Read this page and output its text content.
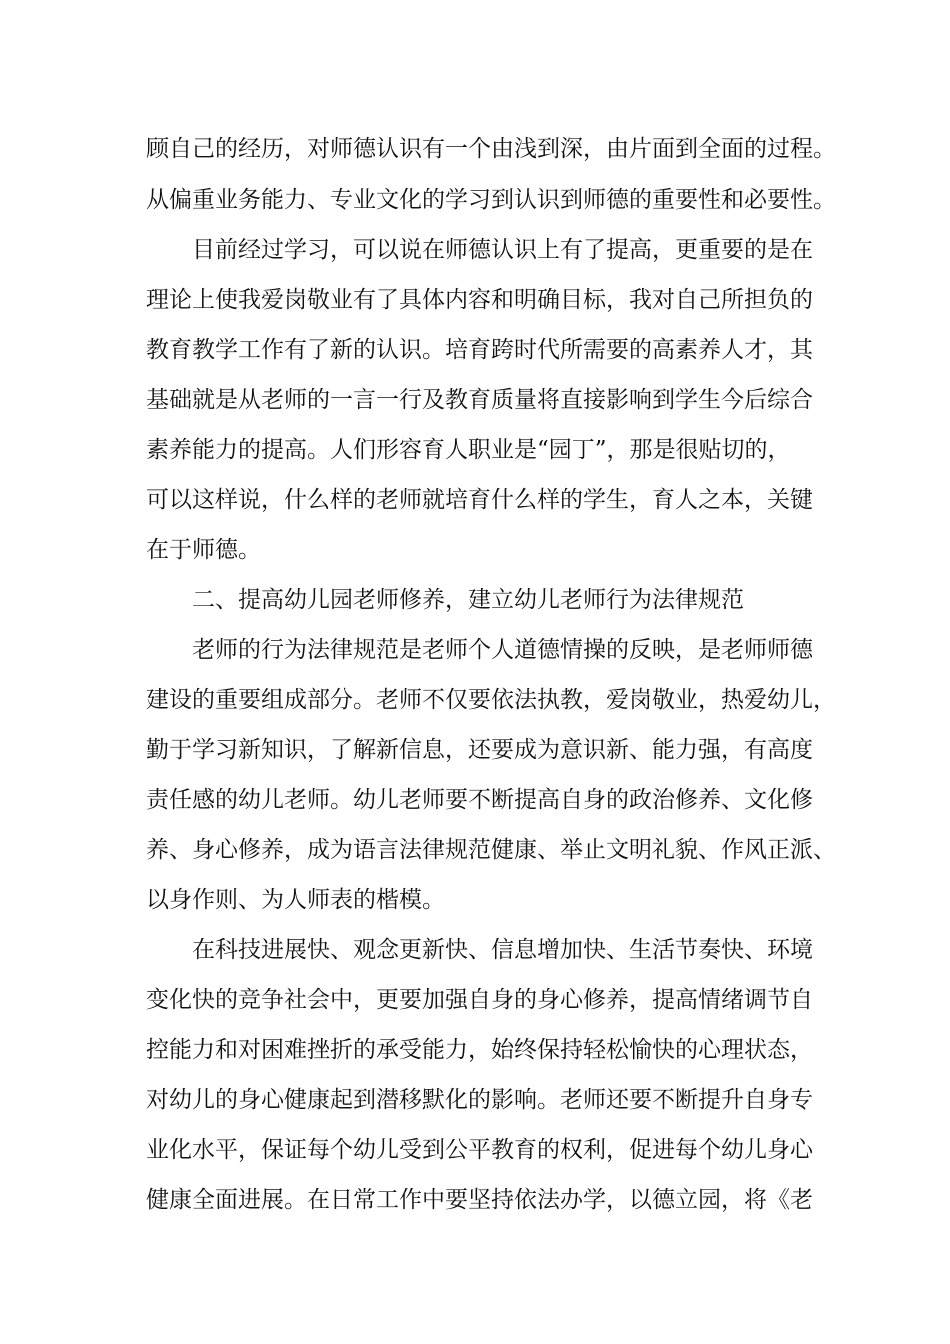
顾自己的经历，对师德认识有一个由浅到深，由片面到全面的过程。
从偏重业务能力、专业文化的学习到认识到师德的重要性和必要性。
目前经过学习，可以说在师德认识上有了提高，更重要的是在
理论上使我爱岗敬业有了具体内容和明确目标，我对自己所担负的
教育教学工作有了新的认识。培育跨时代所需要的高素养人才，其
基础就是从老师的一言一行及教育质量将直接影响到学生今后综合
素养能力的提高。人们形容育人职业是“园丁”，那是很贴切的，
可以这样说，什么样的老师就培育什么样的学生，育人之本，关键
在于师德。
二、提高幼儿园老师修养，建立幼儿老师行为法律规范
老师的行为法律规范是老师个人道德情操的反映，是老师师德
建设的重要组成部分。老师不仅要依法执教，爱岗敬业，热爱幼儿，
勤于学习新知识，了解新信息，还要成为意识新、能力强，有高度
责任感的幼儿老师。幼儿老师要不断提高自身的政治修养、文化修
养、身心修养，成为语言法律规范健康、举止文明礼貌、作风正派、
以身作则、为人师表的楷模。
在科技进展快、观念更新快、信息增加快、生活节奏快、环境
变化快的竞争社会中，更要加强自身的身心修养，提高情绪调节自
控能力和对困难挫折的承受能力，始终保持轻松愉快的心理状态，
对幼儿的身心健康起到潜移默化的影响。老师还要不断提升自身专
业化水平，保证每个幼儿受到公平教育的权利，促进每个幼儿身心
健康全面进展。在日常工作中要坚持依法办学，以德立园，将《老
